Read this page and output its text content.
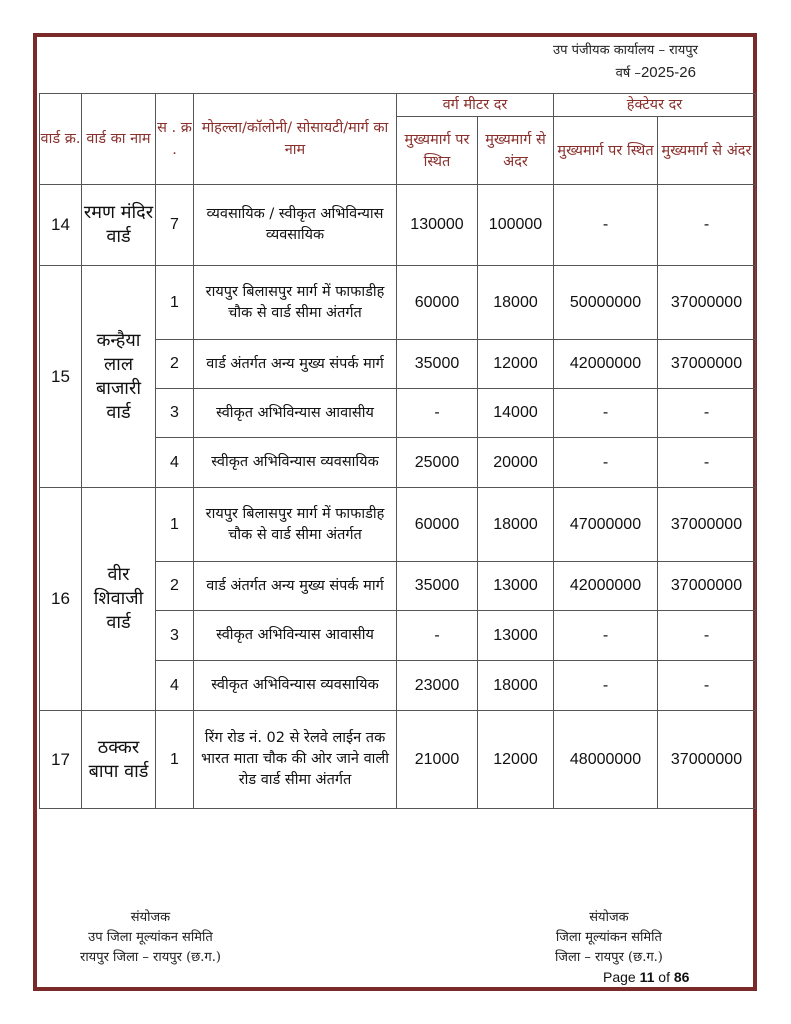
उप पंजीयक कार्यालय – रायपुर
वर्ष –2025-26
वार्ड क्र.	वार्ड का नाम	स . क्र .	मोहल्ला/कॉलोनी/ सोसायटी/मार्ग का नाम	वर्ग मीटर दर		हेक्टेयर दर	
				मुख्यमार्ग पर स्थित	मुख्यमार्ग से अंदर	मुख्यमार्ग पर स्थित	मुख्यमार्ग से अंदर
14	रमण मंदिर वार्ड	7	व्यवसायिक / स्वीकृत अभिविन्यास व्यवसायिक	130000	100000	-	-
15	कन्हैया लाल बाजारी वार्ड	1	रायपुर बिलासपुर मार्ग में फाफाडीह चौक से वार्ड सीमा अंतर्गत	60000	18000	50000000	37000000
		2	वार्ड अंतर्गत अन्य मुख्य संपर्क मार्ग	35000	12000	42000000	37000000
		3	स्वीकृत अभिविन्यास आवासीय	-	14000	-	-
		4	स्वीकृत अभिविन्यास व्यवसायिक	25000	20000	-	-
16	वीर शिवाजी वार्ड	1	रायपुर बिलासपुर मार्ग में फाफाडीह चौक से वार्ड सीमा अंतर्गत	60000	18000	47000000	37000000
		2	वार्ड अंतर्गत अन्य मुख्य संपर्क मार्ग	35000	13000	42000000	37000000
		3	स्वीकृत अभिविन्यास आवासीय	-	13000	-	-
		4	स्वीकृत अभिविन्यास व्यवसायिक	23000	18000	-	-
17	ठक्कर बापा वार्ड	1	रिंग रोड नं. 02 से रेलवे लाईन तक भारत माता चौक की ओर जाने वाली रोड वार्ड सीमा अंतर्गत	21000	12000	48000000	37000000
संयोजक
उप जिला मूल्यांकन समिति
रायपुर जिला – रायपुर (छ.ग.)
संयोजक
जिला मूल्यांकन समिति
जिला – रायपुर (छ.ग.)
Page 11 of 86
